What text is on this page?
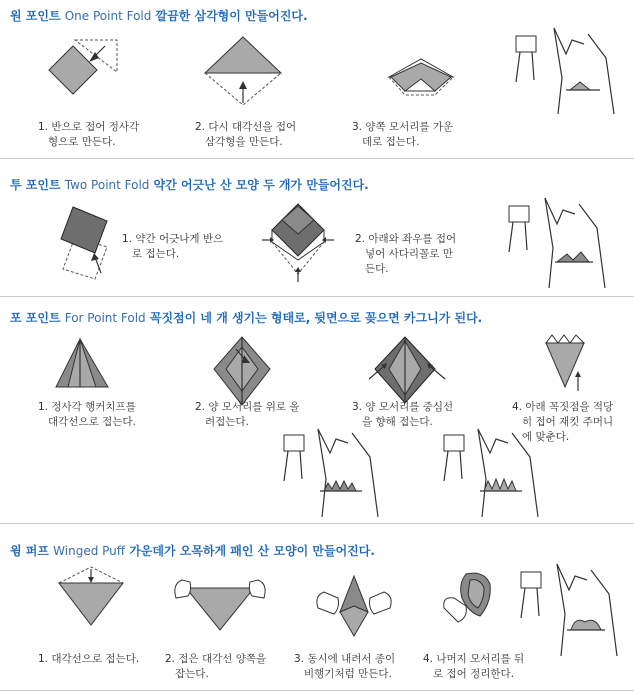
원 포인트 One Point Fold 깔끔한 삼각형이 만들어진다.
1. 반으로 접어 정사각
형으로 만든다.
2. 다시 대각선을 접어
삼각형을 만든다.
3. 양쪽 모서리를 가운
데로 접는다.
투 포인트 Two Point Fold 약간 어긋난 산 모양 두 개가 만들어진다.
1. 약간 어긋나게 반으
로 접는다.
2. 아래와 좌우를 접어
넣어 사다리꼴로 만
든다.
포 포인트 For Point Fold 꼭짓점이 네 개 생기는 형태로, 뒷면으로 꽂으면 카그니가 된다.
1. 정사각 행커치프를
대각선으로 접는다.
2. 양 모서리를 위로 올
려접는다.
3. 양 모서리를 중심선
을 향해 접는다.
4. 아래 꼭짓점을 적당
히 접어 재킷 주머니
에 맞춘다.
윙 퍼프 Winged Puff 가운데가 오목하게 패인 산 모양이 만들어진다.
1. 대각선으로 접는다. 2. 접은 대각선 양쪽을
잡는다.
3. 동시에 내려서 종이
비행기처럼 만든다.
4. 나머지 모서리를 뒤
로 접어 정리한다.
